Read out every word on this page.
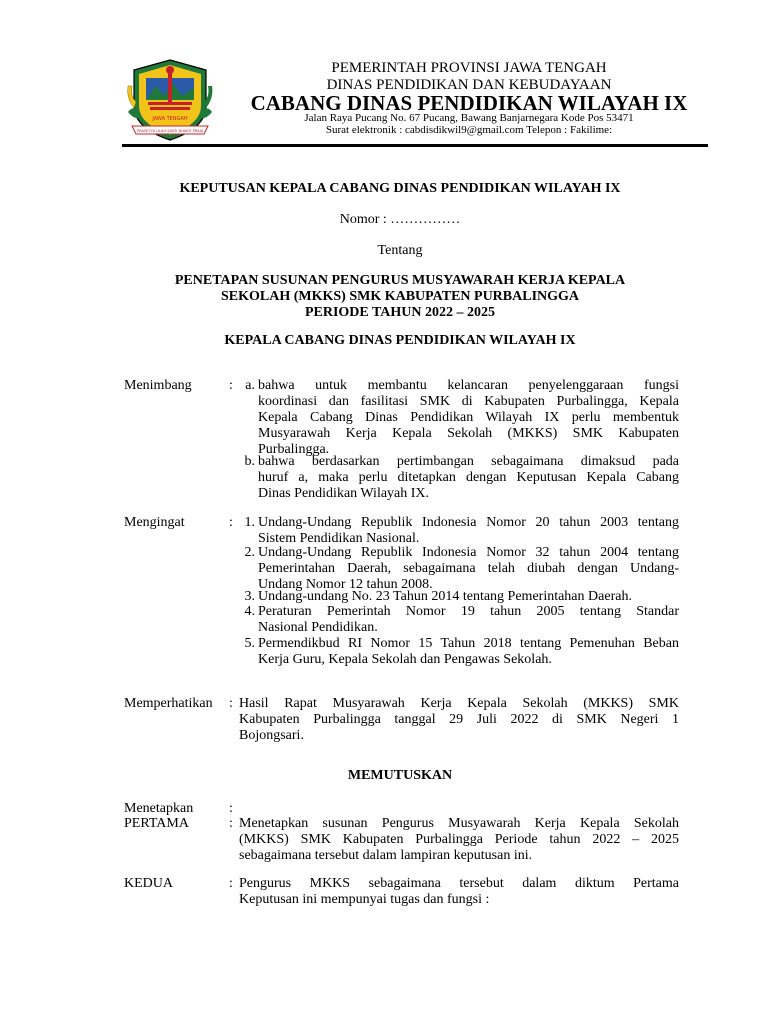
JAWA TENGAH
PRASETYA ULAH SAKTI BHAKTI PRAJA
PEMERINTAH PROVINSI JAWA TENGAH
DINAS PENDIDIKAN DAN KEBUDAYAAN
CABANG DINAS PENDIDIKAN WILAYAH IX
Jalan Raya Pucang No. 67 Pucang, Bawang Banjarnegara Kode Pos 53471
Surat elektronik : cabdisdikwil9@gmail.com Telepon : Fakilime:
KEPUTUSAN KEPALA CABANG DINAS PENDIDIKAN WILAYAH IX
Nomor : ……………
Tentang
PENETAPAN SUSUNAN PENGURUS MUSYAWARAH KERJA KEPALA
SEKOLAH (MKKS) SMK KABUPATEN PURBALINGGA
PERIODE TAHUN 2022 – 2025
KEPALA CABANG DINAS PENDIDIKAN WILAYAH IX
Menimbang	: a. bahwa untuk membantu kelancaran penyelenggaraan fungsi
koordinasi dan fasilitasi SMK di Kabupaten Purbalingga, Kepala
Kepala Cabang Dinas Pendidikan Wilayah IX perlu membentuk
Musyarawah Kerja Kepala Sekolah (MKKS) SMK Kabupaten
Purbalingga.
b. bahwa berdasarkan pertimbangan sebagaimana dimaksud pada
huruf a, maka perlu ditetapkan dengan Keputusan Kepala Cabang
Dinas Pendidikan Wilayah IX.
Mengingat	: 1. Undang-Undang Republik Indonesia Nomor 20 tahun 2003 tentang
Sistem Pendidikan Nasional.
2. Undang-Undang Republik Indonesia Nomor 32 tahun 2004 tentang
Pemerintahan Daerah, sebagaimana telah diubah dengan Undang-
Undang Nomor 12 tahun 2008.
3. Undang-undang No. 23 Tahun 2014 tentang Pemerintahan Daerah.
4. Peraturan Pemerintah Nomor 19 tahun 2005 tentang Standar
Nasional Pendidikan.
5. Permendikbud RI Nomor 15 Tahun 2018 tentang Pemenuhan Beban
Kerja Guru, Kepala Sekolah dan Pengawas Sekolah.
Memperhatikan : Hasil Rapat Musyarawah Kerja Kepala Sekolah (MKKS) SMK
Kabupaten Purbalingga tanggal 29 Juli 2022 di SMK Negeri 1
Bojongsari.
MEMUTUSKAN
Menetapkan	:
PERTAMA	: Menetapkan susunan Pengurus Musyawarah Kerja Kepala Sekolah
(MKKS) SMK Kabupaten Purbalingga Periode tahun 2022 – 2025
sebagaimana tersebut dalam lampiran keputusan ini.
KEDUA	: Pengurus MKKS sebagaimana tersebut dalam diktum Pertama
Keputusan ini mempunyai tugas dan fungsi :
